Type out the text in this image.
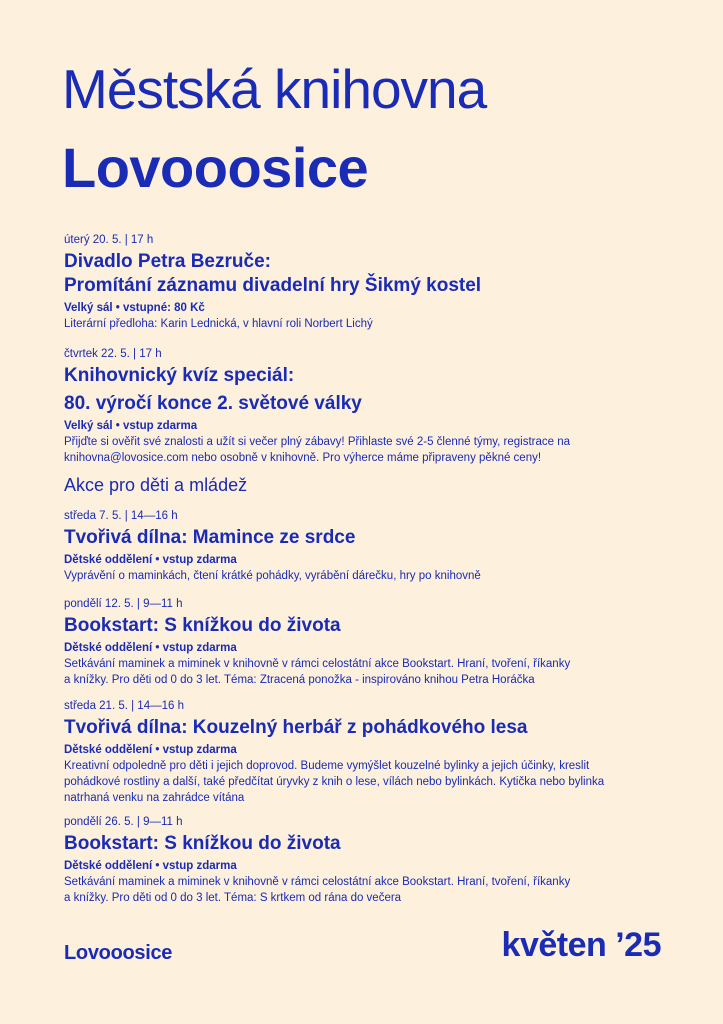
Městská knihovna
Lovooosice
úterý 20. 5. | 17 h
Divadlo Petra Bezruče:
Promítání záznamu divadelní hry Šikmý kostel
Velký sál • vstupné: 80 Kč
Literární předloha: Karin Lednická, v hlavní roli Norbert Lichý
čtvrtek 22. 5. | 17 h
Knihovnický kvíz speciál:
80. výročí konce 2. světové války
Velký sál • vstup zdarma
Přijďte si ověřit své znalosti a užít si večer plný zábavy! Přihlaste své 2-5 členné týmy, registrace na
knihovna@lovosice.com nebo osobně v knihovně. Pro výherce máme připraveny pěkné ceny!
Akce pro děti a mládež
středa 7. 5. | 14—16 h
Tvořivá dílna: Mamince ze srdce
Dětské oddělení • vstup zdarma
Vyprávění o maminkách, čtení krátké pohádky, vyrábění dárečku, hry po knihovně
pondělí 12. 5. | 9—11 h
Bookstart: S knížkou do života
Dětské oddělení • vstup zdarma
Setkávání maminek a miminek v knihovně v rámci celostátní akce Bookstart. Hraní, tvoření, říkanky
a knížky. Pro děti od 0 do 3 let. Téma: Ztracená ponožka - inspirováno knihou Petra Horáčka
středa 21. 5. | 14—16 h
Tvořivá dílna: Kouzelný herbář z pohádkového lesa
Dětské oddělení • vstup zdarma
Kreativní odpoledně pro děti i jejich doprovod. Budeme vymýšlet kouzelné bylinky a jejich účinky, kreslit
pohádkové rostliny a další, také předčítat úryvky z knih o lese, vílách nebo bylinkách. Kytička nebo bylinka
natrhaná venku na zahrádce vítána
pondělí 26. 5. | 9—11 h
Bookstart: S knížkou do života
Dětské oddělení • vstup zdarma
Setkávání maminek a miminek v knihovně v rámci celostátní akce Bookstart. Hraní, tvoření, říkanky
a knížky. Pro děti od 0 do 3 let. Téma: S krtkem od rána do večera
Lovooosice	květen ’25
